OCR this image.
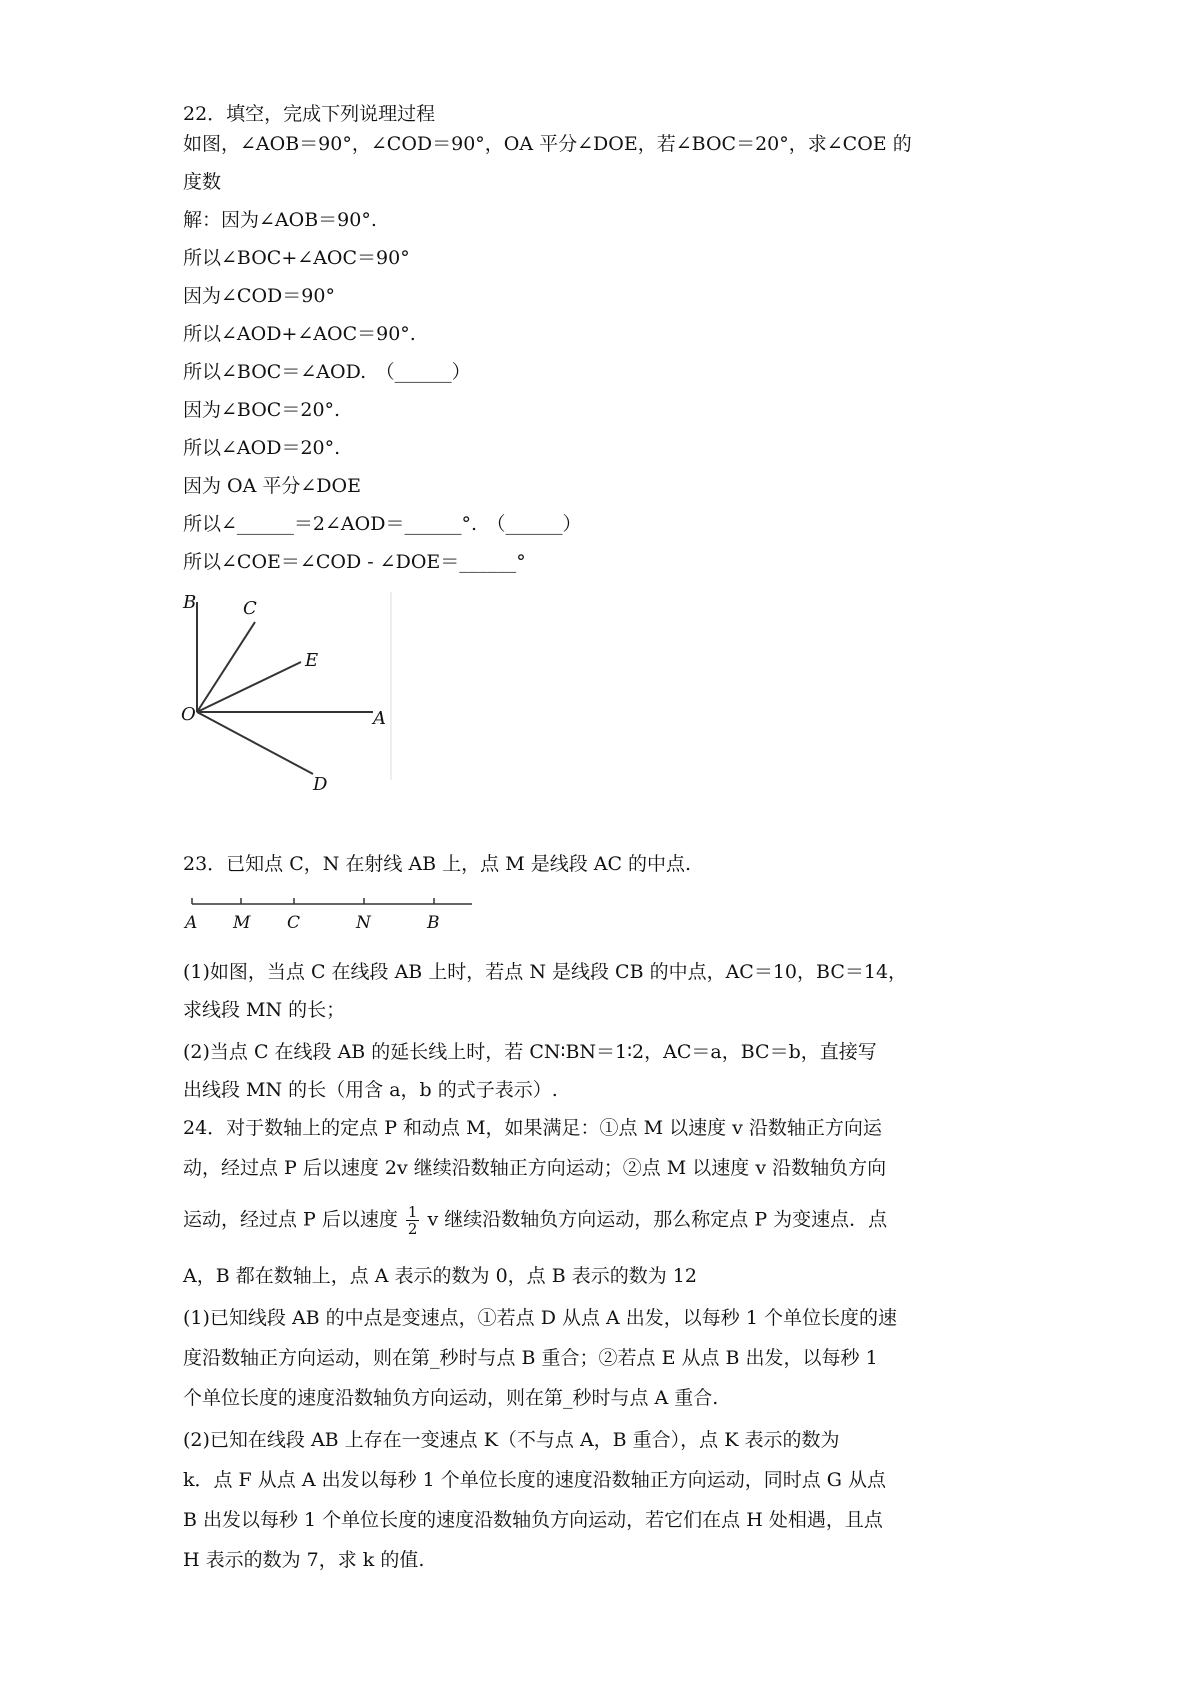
22．填空，完成下列说理过程
如图，∠AOB＝90°，∠COD＝90°，OA 平分∠DOE，若∠BOC＝20°，求∠COE 的
度数
解：因为∠AOB＝90°.
所以∠BOC+∠AOC＝90°
因为∠COD＝90°
所以∠AOD+∠AOC＝90°.
所以∠BOC＝∠AOD.　（______）
因为∠BOC＝20°.
所以∠AOD＝20°.
因为 OA 平分∠DOE
所以∠______＝2∠AOD＝______°.　（______）
所以∠COE＝∠COD - ∠DOE＝______°
B	C
E
O	A
D
23．已知点 C，N 在射线 AB 上，点 M 是线段 AC 的中点.
A M C	N	B
(1)如图，当点 C 在线段 AB 上时，若点 N 是线段 CB 的中点，AC＝10，BC＝14，
求线段 MN 的长；
(2)当点 C 在线段 AB 的延长线上时，若 CN∶BN＝1∶2，AC＝a，BC＝b，直接写
出线段 MN 的长（用含 a，b 的式子表示）.
24．对于数轴上的定点 P 和动点 M，如果满足：①点 M 以速度 v 沿数轴正方向运
动，经过点 P 后以速度 2v 继续沿数轴正方向运动；②点 M 以速度 v 沿数轴负方向
运动，经过点 P 后以速度 $\frac{1}{2}$ v 继续沿数轴负方向运动，那么称定点 P 为变速点．点
A，B 都在数轴上，点 A 表示的数为 0，点 B 表示的数为 12
(1)已知线段 AB 的中点是变速点，①若点 D 从点 A 出发，以每秒 1 个单位长度的速
度沿数轴正方向运动，则在第_秒时与点 B 重合；②若点 E 从点 B 出发，以每秒 1
个单位长度的速度沿数轴负方向运动，则在第_秒时与点 A 重合.
(2)已知在线段 AB 上存在一变速点 K（不与点 A，B 重合），点 K 表示的数为
k．点 F 从点 A 出发以每秒 1 个单位长度的速度沿数轴正方向运动，同时点 G 从点
B 出发以每秒 1 个单位长度的速度沿数轴负方向运动，若它们在点 H 处相遇，且点
H 表示的数为 7，求 k 的值.
